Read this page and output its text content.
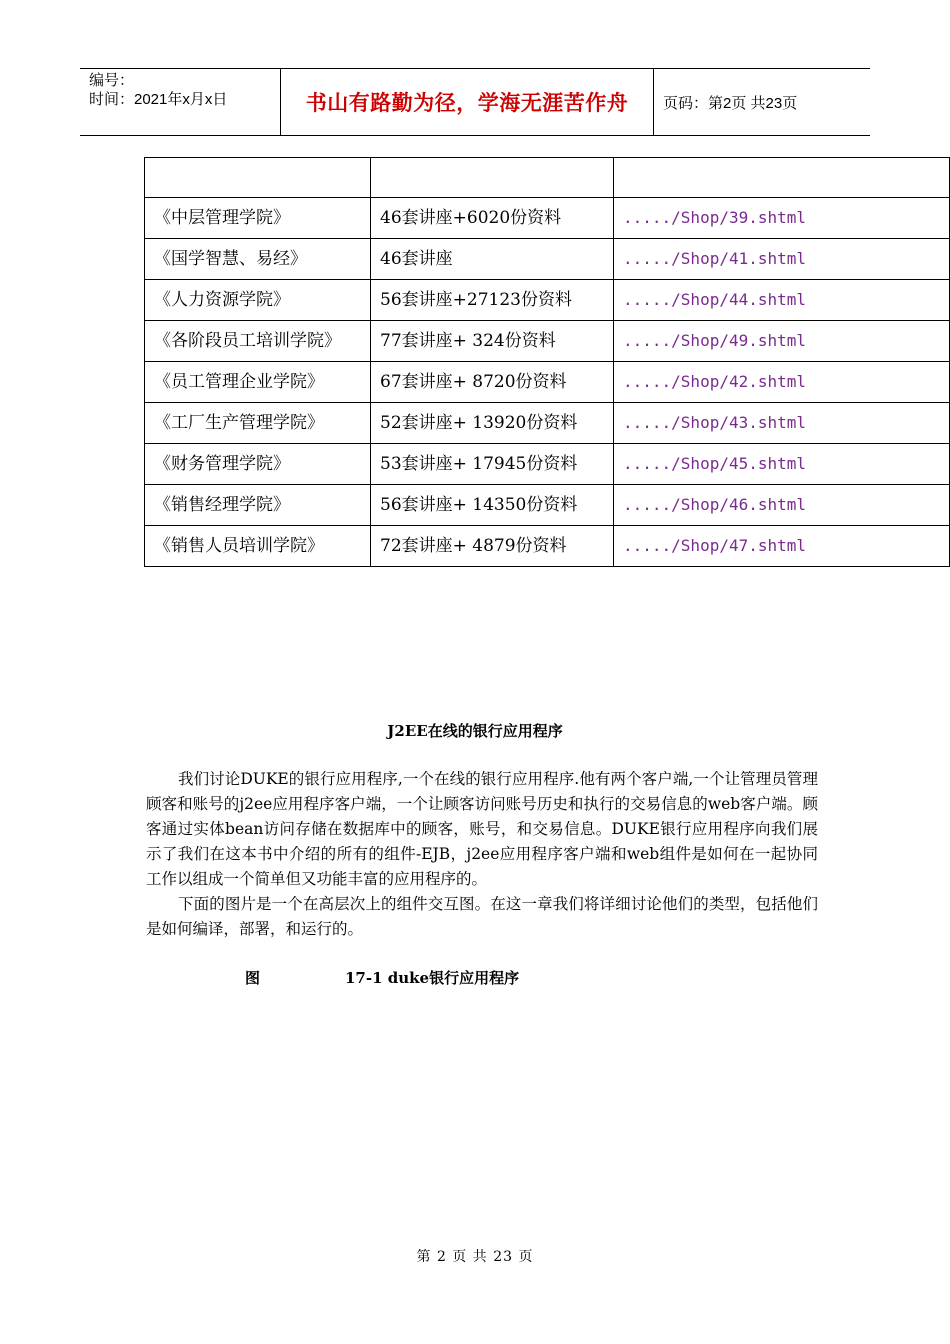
编号：
时间：2021年x月x日	书山有路勤为径，学海无涯苦作舟	页码：第2页 共23页

《中层管理学院》	46套讲座+6020份资料	...../Shop/39.shtml
《国学智慧、易经》	46套讲座	...../Shop/41.shtml
《人力资源学院》	56套讲座+27123份资料	...../Shop/44.shtml
《各阶段员工培训学院》	77套讲座+ 324份资料	...../Shop/49.shtml
《员工管理企业学院》	67套讲座+ 8720份资料	...../Shop/42.shtml
《工厂生产管理学院》	52套讲座+ 13920份资料	...../Shop/43.shtml
《财务管理学院》	53套讲座+ 17945份资料	...../Shop/45.shtml
《销售经理学院》	56套讲座+ 14350份资料	...../Shop/46.shtml
《销售人员培训学院》	72套讲座+ 4879份资料	...../Shop/47.shtml
J2EE在线的银行应用程序

我们讨论DUKE的银行应用程序,一个在线的银行应用程序.他有两个客户端,一个让管理员管理顾客和账号的j2ee应用程序客户端，一个让顾客访问账号历史和执行的交易信息的web客户端。顾客通过实体bean访问存储在数据库中的顾客，账号，和交易信息。DUKE银行应用程序向我们展示了我们在这本书中介绍的所有的组件-EJB，j2ee应用程序客户端和web组件是如何在一起协同工作以组成一个简单但又功能丰富的应用程序的。

下面的图片是一个在高层次上的组件交互图。在这一章我们将详细讨论他们的类型，包括他们是如何编译，部署，和运行的。

图	17-1 duke银行应用程序
第 2 页 共 23 页
